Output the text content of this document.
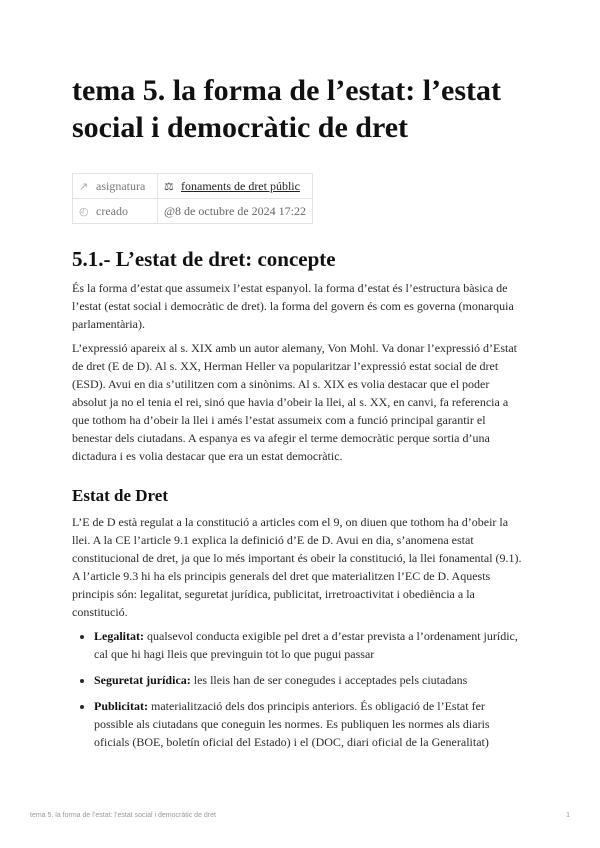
tema 5. la forma de l’estat: l’estat social i democràtic de dret
↗ asignatura	⚖ fonaments de dret públic
◴ creado	@8 de octubre de 2024 17:22
5.1.- L’estat de dret: concepte

És la forma d’estat que assumeix l’estat espanyol. la forma d’estat és l’estructura bàsica de l’estat (estat social i democràtic de dret). la forma del govern és com es governa (monarquia parlamentària).

L’expressió apareix al s. XIX amb un autor alemany, Von Mohl. Va donar l’expressió d’Estat de dret (E de D). Al s. XX, Herman Heller va popularitzar l’expressió estat social de dret (ESD). Avui en dia s’utilitzen com a sinònims. Al s. XIX es volia destacar que el poder absolut ja no el tenia el rei, sinó que havia d’obeir la llei, al s. XX, en canvi, fa referencia a que tothom ha d’obeir la llei i amés l’estat assumeix com a funció principal garantir el benestar dels ciutadans. A espanya es va afegir el terme democràtic perque sortia d’una dictadura i es volia destacar que era un estat democràtic.

Estat de Dret

L’E de D està regulat a la constitució a articles com el 9, on diuen que tothom ha d’obeir la llei. A la CE l’article 9.1 explica la definició d’E de D. Avui en dia, s’anomena estat constitucional de dret, ja que lo més important és obeir la constitució, la llei fonamental (9.1). A l’article 9.3 hi ha els principis generals del dret que materialitzen l’EC de D. Aquests principis són: legalitat, seguretat jurídica, publicitat, irretroactivitat i obediència a la constitució.

• Legalitat: qualsevol conducta exigible pel dret a d’estar prevista a l’ordenament jurídic, cal que hi hagi lleis que previnguin tot lo que pugui passar
• Seguretat jurídica: les lleis han de ser conegudes i acceptades pels ciutadans
• Publicitat: materialització dels dos principis anteriors. És obligació de l’Estat fer possible als ciutadans que coneguin les normes. Es publiquen les normes als diaris oficials (BOE, boletín oficial del Estado) i el (DOC, diari oficial de la Generalitat)
tema 5. la forma de l’estat: l’estat social i democràtic de dret	1
